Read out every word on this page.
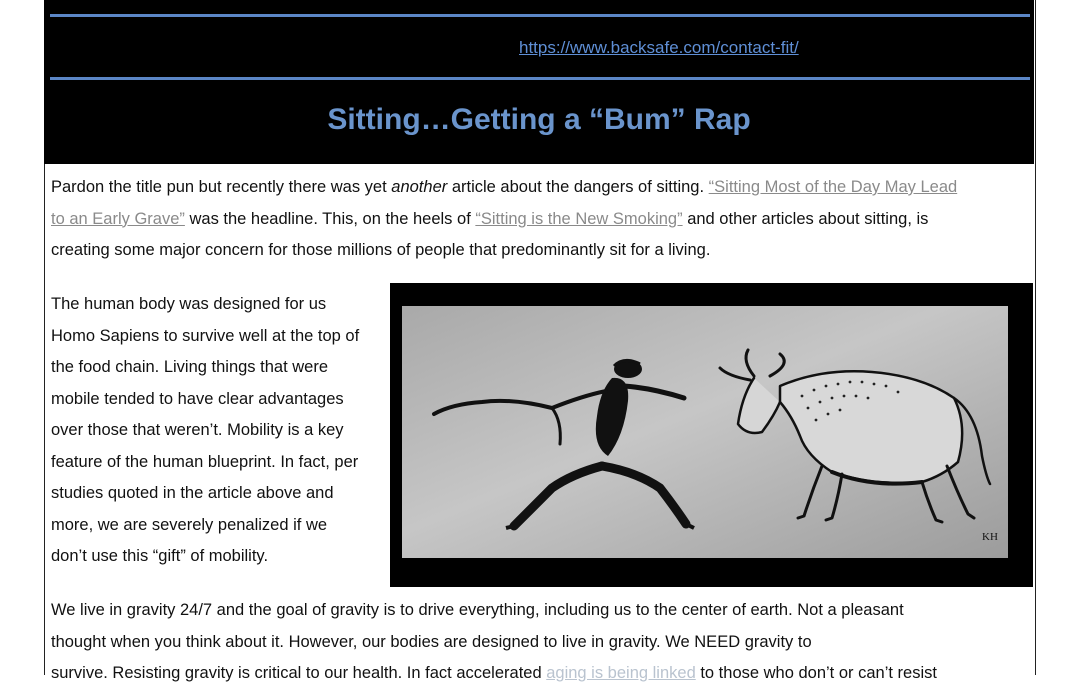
https://www.backsafe.com/contact-fit/
Sitting…Getting a “Bum” Rap
Pardon the title pun but recently there was yet another article about the dangers of sitting. “Sitting Most of the Day May Lead
to an Early Grave” was the headline. This, on the heels of “Sitting is the New Smoking” and other articles about sitting, is
creating some major concern for those millions of people that predominantly sit for a living.
The human body was designed for us
Homo Sapiens to survive well at the top of
the food chain. Living things that were
mobile tended to have clear advantages
over those that weren’t. Mobility is a key
feature of the human blueprint. In fact, per
studies quoted in the article above and
more, we are severely penalized if we
don’t use this “gift” of mobility.
KH
We live in gravity 24/7 and the goal of gravity is to drive everything, including us to the center of earth. Not a pleasant
thought when you think about it. However, our bodies are designed to live in gravity. We NEED gravity to
survive. Resisting gravity is critical to our health. In fact accelerated aging is being linked to those who don’t or can’t resist
